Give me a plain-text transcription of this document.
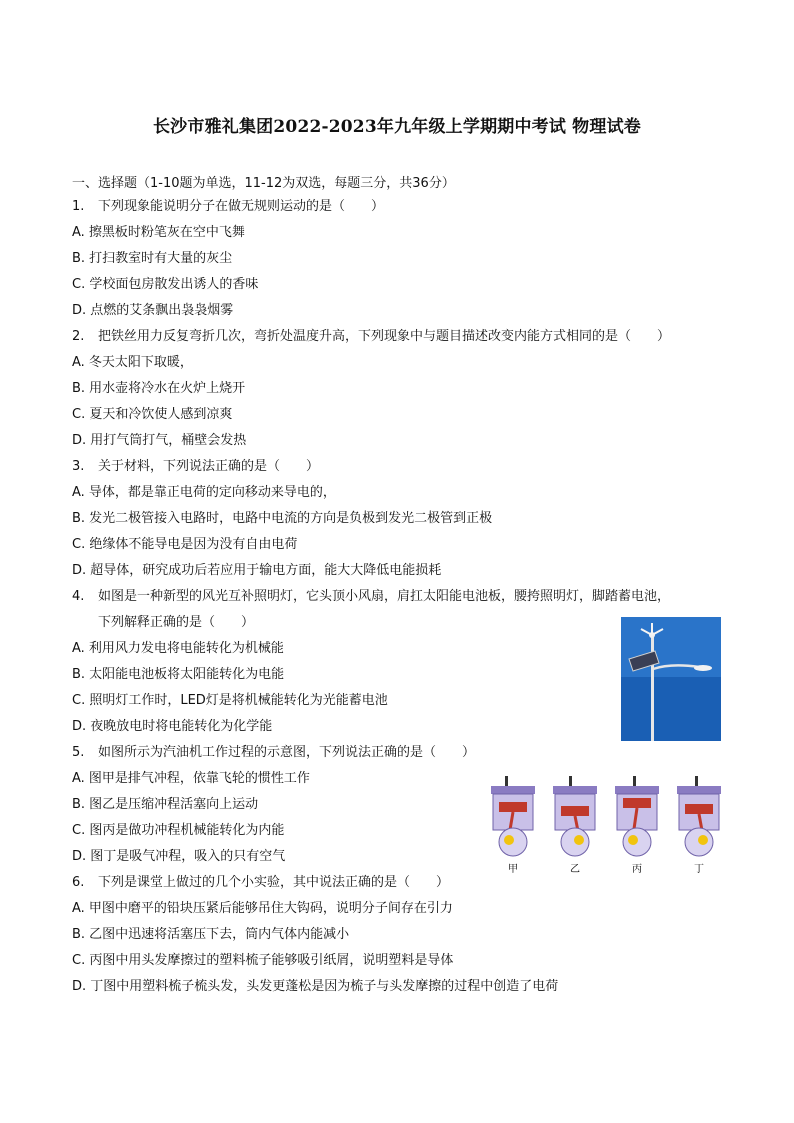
长沙市雅礼集团2022-2023年九年级上学期期中考试 物理试卷
一、选择题（1-10题为单选，11-12为双选，每题三分，共36分）
1. 下列现象能说明分子在做无规则运动的是（　　）
A. 擦黑板时粉笔灰在空中飞舞
B. 打扫教室时有大量的灰尘
C. 学校面包房散发出诱人的香味
D. 点燃的艾条飘出袅袅烟雾
2. 把铁丝用力反复弯折几次，弯折处温度升高，下列现象中与题目描述改变内能方式相同的是（　　）
A. 冬天太阳下取暖，
B. 用水壶将冷水在火炉上烧开
C. 夏天和冷饮使人感到凉爽
D. 用打气筒打气，桶壁会发热
3. 关于材料，下列说法正确的是（　　）
A. 导体，都是靠正电荷的定向移动来导电的，
B. 发光二极管接入电路时，电路中电流的方向是负极到发光二极管到正极
C. 绝缘体不能导电是因为没有自由电荷
D. 超导体，研究成功后若应用于输电方面，能大大降低电能损耗
4. 如图是一种新型的风光互补照明灯，它头顶小风扇，肩扛太阳能电池板，腰挎照明灯，脚踏蓄电池，
下列解释正确的是（　　）
A. 利用风力发电将电能转化为机械能
B. 太阳能电池板将太阳能转化为电能
C. 照明灯工作时，LED灯是将机械能转化为光能蓄电池
D. 夜晚放电时将电能转化为化学能
5. 如图所示为汽油机工作过程的示意图，下列说法正确的是（　　）
A. 图甲是排气冲程，依靠飞轮的惯性工作
B. 图乙是压缩冲程活塞向上运动
C. 图丙是做功冲程机械能转化为内能
D. 图丁是吸气冲程，吸入的只有空气
甲	乙	丙	丁
6. 下列是课堂上做过的几个小实验，其中说法正确的是（　　）
A. 甲图中磨平的铅块压紧后能够吊住大钩码，说明分子间存在引力
B. 乙图中迅速将活塞压下去，筒内气体内能减小
C. 丙图中用头发摩擦过的塑料梳子能够吸引纸屑，说明塑料是导体
D. 丁图中用塑料梳子梳头发，头发更蓬松是因为梳子与头发摩擦的过程中创造了电荷
